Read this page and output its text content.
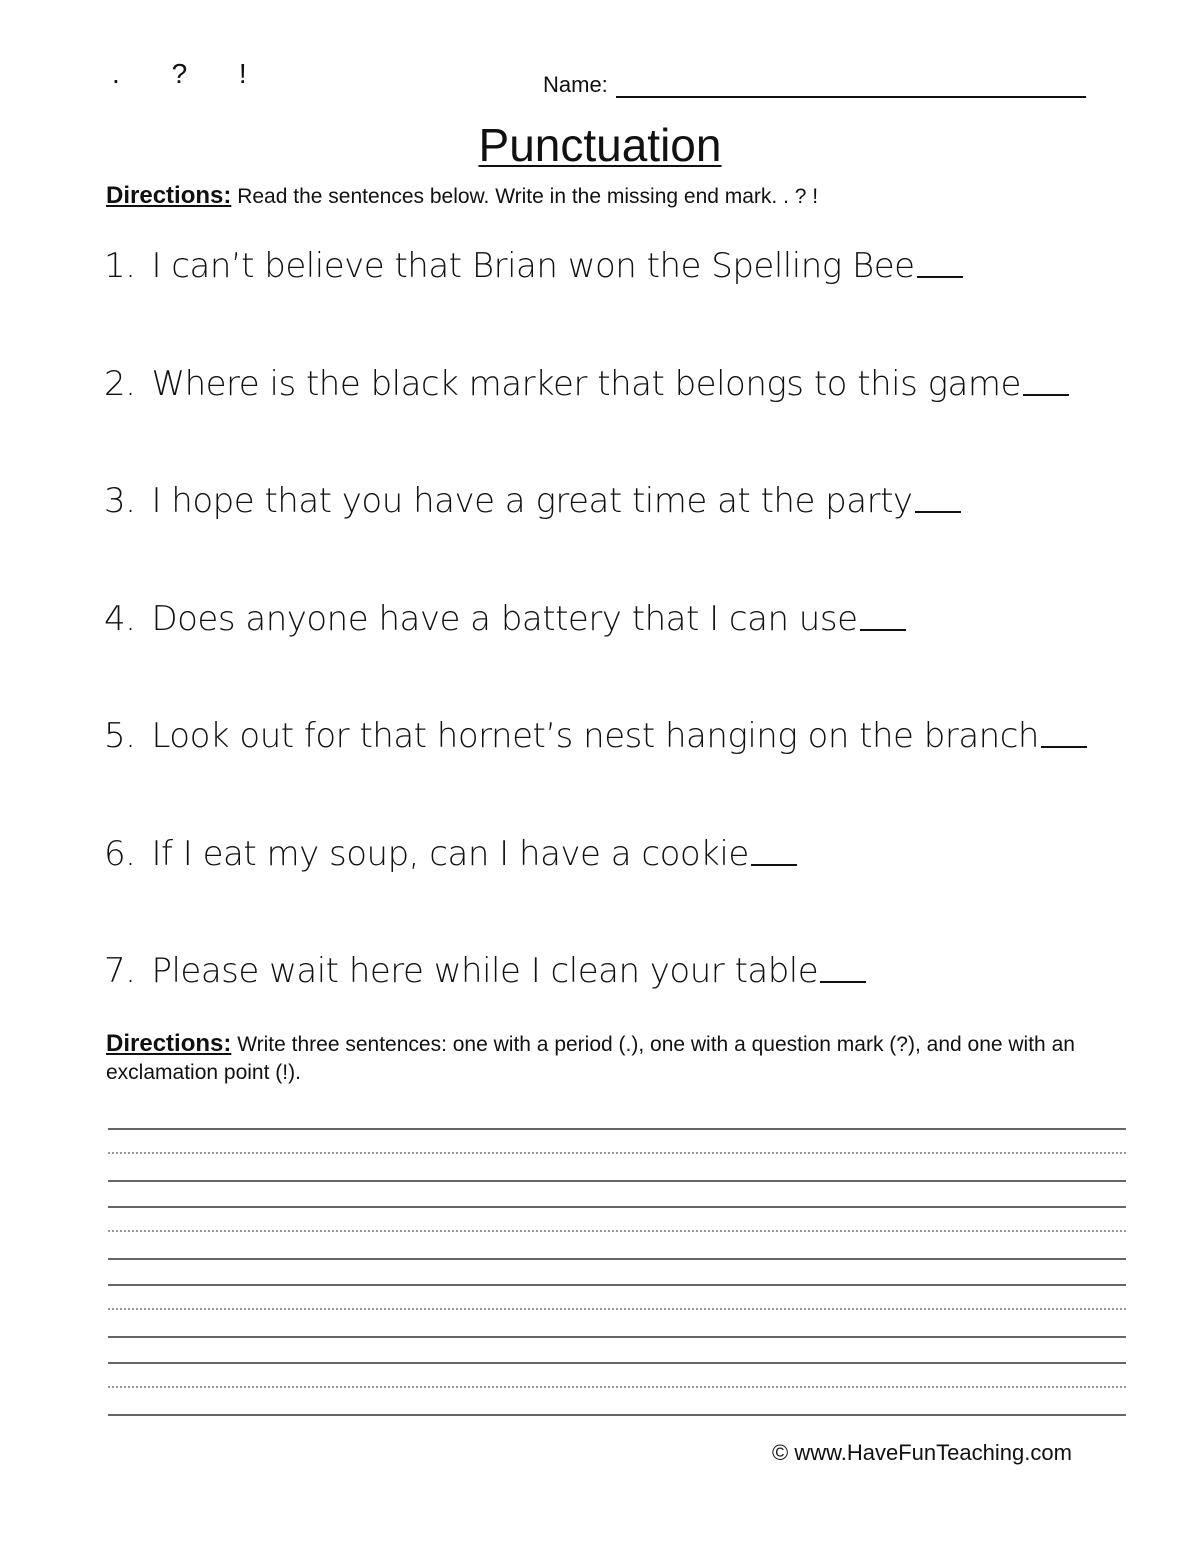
. ? !	Name:
Punctuation
Directions: Read the sentences below. Write in the missing end mark. . ? !
1. I can’t believe that Brian won the Spelling Bee
2. Where is the black marker that belongs to this game
3. I hope that you have a great time at the party
4. Does anyone have a battery that I can use
5. Look out for that hornet’s nest hanging on the branch
6. If I eat my soup, can I have a cookie
7. Please wait here while I clean your table
Directions: Write three sentences: one with a period (.), one with a question mark (?), and one with an exclamation point (!).
© www.HaveFunTeaching.com
